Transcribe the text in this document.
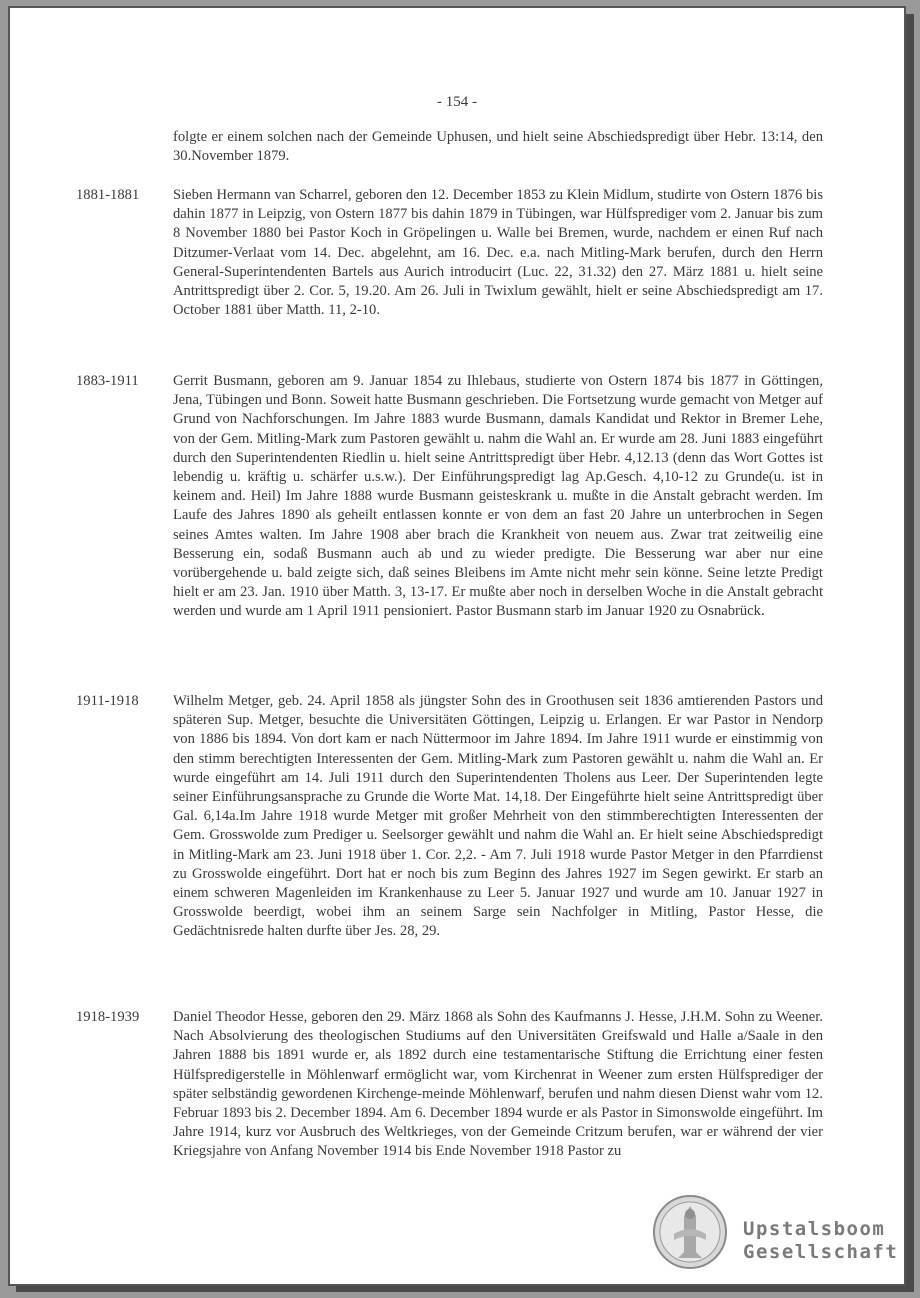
- 154 -
folgte er einem solchen nach der Gemeinde Uphusen, und hielt seine Abschiedspredigt über Hebr. 13:14, den 30.November 1879.
1881-1881 Sieben Hermann van Scharrel, geboren den 12. December 1853 zu Klein Midlum, studirte von Ostern 1876 bis dahin 1877 in Leipzig, von Ostern 1877 bis dahin 1879 in Tübingen, war Hülfsprediger vom 2. Januar bis zum 8 November 1880 bei Pastor Koch in Gröpelingen u. Walle bei Bremen, wurde, nachdem er einen Ruf nach Ditzumer-Verlaat vom 14. Dec. abgelehnt, am 16. Dec. e.a. nach Mitling-Mark berufen, durch den Herrn General-Superintendenten Bartels aus Aurich introducirt (Luc. 22, 31.32) den 27. März 1881 u. hielt seine Antrittspredigt über 2. Cor. 5, 19.20. Am 26. Juli in Twixlum gewählt, hielt er seine Abschiedspredigt am 17. October 1881 über Matth. 11, 2-10.
1883-1911 Gerrit Busmann, geboren am 9. Januar 1854 zu Ihlebaus, studierte von Ostern 1874 bis 1877 in Göttingen, Jena, Tübingen und Bonn. Soweit hatte Busmann geschrieben. Die Fortsetzung wurde gemacht von Metger auf Grund von Nachforschungen. Im Jahre 1883 wurde Busmann, damals Kandidat und Rektor in Bremer Lehe, von der Gem. Mitling-Mark zum Pastoren gewählt u. nahm die Wahl an. Er wurde am 28. Juni 1883 eingeführt durch den Superintendenten Riedlin u. hielt seine Antrittspredigt über Hebr. 4,12.13 (denn das Wort Gottes ist lebendig u. kräftig u. schärfer u.s.w.). Der Einführungspredigt lag Ap.Gesch. 4,10-12 zu Grunde(u. ist in keinem and. Heil) Im Jahre 1888 wurde Busmann geisteskrank u. mußte in die Anstalt gebracht werden. Im Laufe des Jahres 1890 als geheilt entlassen konnte er von dem an fast 20 Jahre un unterbrochen in Segen seines Amtes walten. Im Jahre 1908 aber brach die Krankheit von neuem aus. Zwar trat zeitweilig eine Besserung ein, sodaß Busmann auch ab und zu wieder predigte. Die Besserung war aber nur eine vorübergehende u. bald zeigte sich, daß seines Bleibens im Amte nicht mehr sein könne. Seine letzte Predigt hielt er am 23. Jan. 1910 über Matth. 3, 13-17. Er mußte aber noch in derselben Woche in die Anstalt gebracht werden und wurde am 1 April 1911 pensioniert. Pastor Busmann starb im Januar 1920 zu Osnabrück.
1911-1918 Wilhelm Metger, geb. 24. April 1858 als jüngster Sohn des in Groothusen seit 1836 amtierenden Pastors und späteren Sup. Metger, besuchte die Universitäten Göttingen, Leipzig u. Erlangen. Er war Pastor in Nendorp von 1886 bis 1894. Von dort kam er nach Nüttermoor im Jahre 1894. Im Jahre 1911 wurde er einstimmig von den stimm berechtigten Interessenten der Gem. Mitling-Mark zum Pastoren gewählt u. nahm die Wahl an. Er wurde eingeführt am 14. Juli 1911 durch den Superintendenten Tholens aus Leer. Der Superintenden legte seiner Einführungsansprache zu Grunde die Worte Mat. 14,18. Der Eingeführte hielt seine Antrittspredigt über Gal. 6,14a.Im Jahre 1918 wurde Metger mit großer Mehrheit von den stimmberechtigten Interessenten der Gem. Grosswolde zum Prediger u. Seelsorger gewählt und nahm die Wahl an. Er hielt seine Abschiedspredigt in Mitling-Mark am 23. Juni 1918 über 1. Cor. 2,2. - Am 7. Juli 1918 wurde Pastor Metger in den Pfarrdienst zu Grosswolde eingeführt. Dort hat er noch bis zum Beginn des Jahres 1927 im Segen gewirkt. Er starb an einem schweren Magenleiden im Krankenhause zu Leer 5. Januar 1927 und wurde am 10. Januar 1927 in Grosswolde beerdigt, wobei ihm an seinem Sarge sein Nachfolger in Mitling, Pastor Hesse, die Gedächtnisrede halten durfte über Jes. 28, 29.
1918-1939 Daniel Theodor Hesse, geboren den 29. März 1868 als Sohn des Kaufmanns J. Hesse, J.H.M. Sohn zu Weener. Nach Absolvierung des theologischen Studiums auf den Universitäten Greifswald und Halle a/Saale in den Jahren 1888 bis 1891 wurde er, als 1892 durch eine testamentarische Stiftung die Errichtung einer festen Hülfspredigerstelle in Möhlenwarf ermöglicht war, vom Kirchenrat in Weener zum ersten Hülfsprediger der später selbständig gewordenen Kirchenge-meinde Möhlenwarf, berufen und nahm diesen Dienst wahr vom 12. Februar 1893 bis 2. December 1894. Am 6. December 1894 wurde er als Pastor in Simonswolde eingeführt. Im Jahre 1914, kurz vor Ausbruch des Weltkrieges, von der Gemeinde Critzum berufen, war er während der vier Kriegsjahre von Anfang November 1914 bis Ende November 1918 Pastor zu
Upstalsboom
Gesellschaft
